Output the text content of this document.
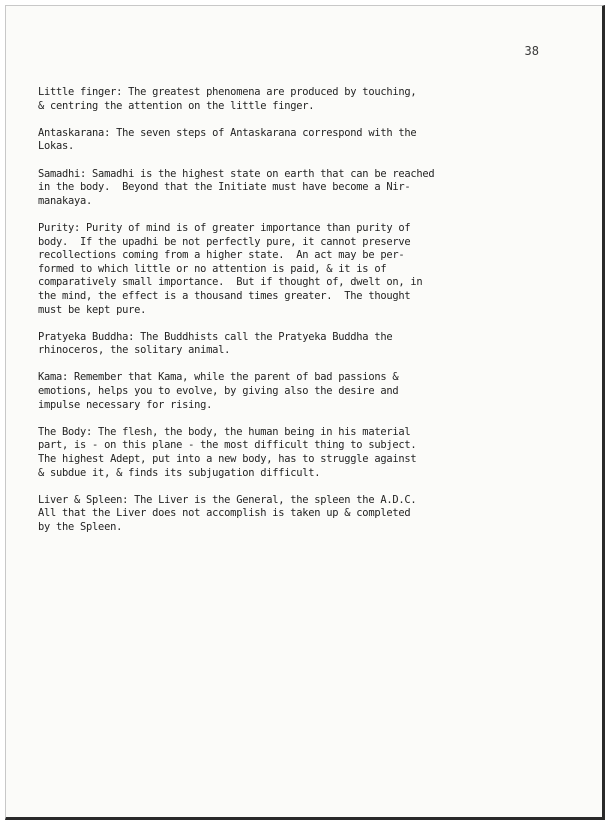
38

Little finger: The greatest phenomena are produced by touching,
& centring the attention on the little finger.

Antaskarana: The seven steps of Antaskarana correspond with the
Lokas.

Samadhi: Samadhi is the highest state on earth that can be reached
in the body.  Beyond that the Initiate must have become a Nir-
manakaya.

Purity: Purity of mind is of greater importance than purity of
body.  If the upadhi be not perfectly pure, it cannot preserve
recollections coming from a higher state.  An act may be per-
formed to which little or no attention is paid, & it is of
comparatively small importance.  But if thought of, dwelt on, in
the mind, the effect is a thousand times greater.  The thought
must be kept pure.

Pratyeka Buddha: The Buddhists call the Pratyeka Buddha the
rhinoceros, the solitary animal.

Kama: Remember that Kama, while the parent of bad passions &
emotions, helps you to evolve, by giving also the desire and
impulse necessary for rising.

The Body: The flesh, the body, the human being in his material
part, is - on this plane - the most difficult thing to subject.
The highest Adept, put into a new body, has to struggle against
& subdue it, & finds its subjugation difficult.

Liver & Spleen: The Liver is the General, the spleen the A.D.C.
All that the Liver does not accomplish is taken up & completed
by the Spleen.
